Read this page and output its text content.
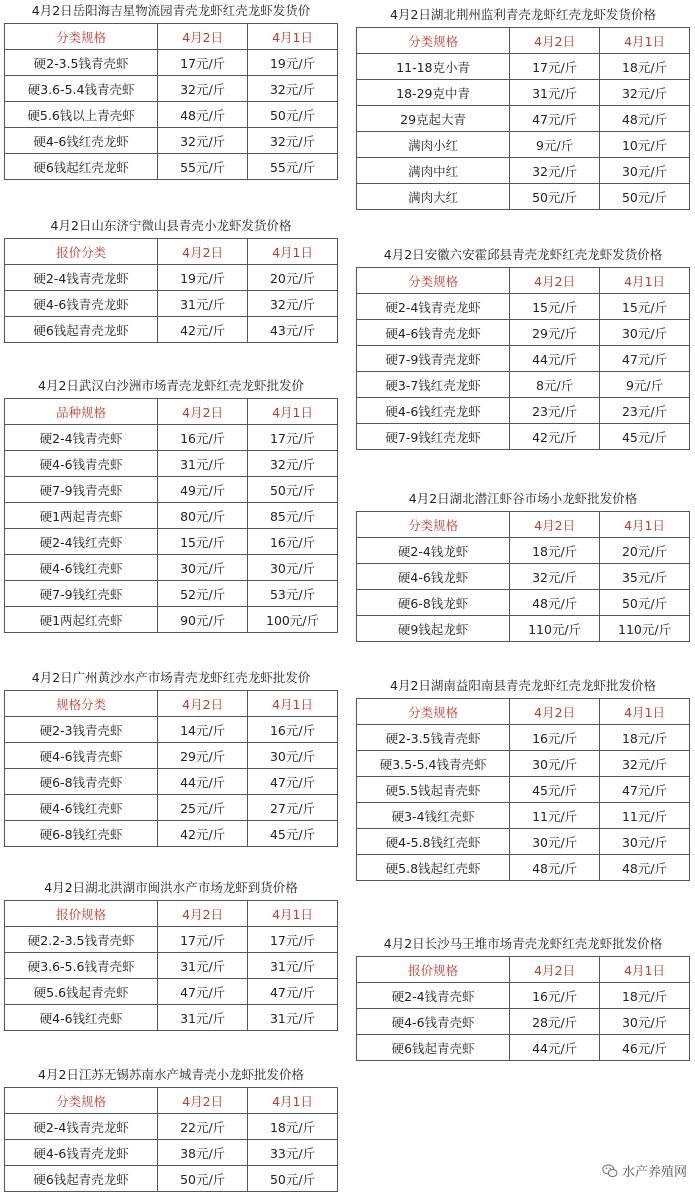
4月2日岳阳海吉星物流园青壳龙虾红壳龙虾发货价
分类规格	4月2日	4月1日
硬2-3.5钱青壳虾	17元/斤	19元/斤
硬3.6-5.4钱青壳虾	32元/斤	32元/斤
硬5.6钱以上青壳虾	48元/斤	50元/斤
硬4-6钱红壳龙虾	32元/斤	32元/斤
硬6钱起红壳龙虾	55元/斤	55元/斤
4月2日山东济宁微山县青壳小龙虾发货价格
报价分类	4月2日	4月1日
硬2-4钱青壳龙虾	19元/斤	20元/斤
硬4-6钱青壳龙虾	31元/斤	32元/斤
硬6钱起青壳龙虾	42元/斤	43元/斤
4月2日武汉白沙洲市场青壳龙虾红壳龙虾批发价
品种规格	4月2日	4月1日
硬2-4钱青壳虾	16元/斤	17元/斤
硬4-6钱青壳虾	31元/斤	32元/斤
硬7-9钱青壳虾	49元/斤	50元/斤
硬1两起青壳虾	80元/斤	85元/斤
硬2-4钱红壳虾	15元/斤	16元/斤
硬4-6钱红壳虾	30元/斤	30元/斤
硬7-9钱红壳虾	52元/斤	53元/斤
硬1两起红壳虾	90元/斤	100元/斤
4月2日广州黄沙水产市场青壳龙虾红壳龙虾批发价
规格分类	4月2日	4月1日
硬2-3钱青壳虾	14元/斤	16元/斤
硬4-6钱青壳虾	29元/斤	30元/斤
硬6-8钱青壳虾	44元/斤	47元/斤
硬4-6钱红壳虾	25元/斤	27元/斤
硬6-8钱红壳虾	42元/斤	45元/斤
4月2日湖北洪湖市闽洪水产市场龙虾到货价格
报价规格	4月2日	4月1日
硬2.2-3.5钱青壳虾	17元/斤	17元/斤
硬3.6-5.6钱青壳虾	31元/斤	31元/斤
硬5.6钱起青壳虾	47元/斤	47元/斤
硬4-6钱红壳虾	31元/斤	31元/斤
4月2日江苏无锡苏南水产城青壳小龙虾批发价格
分类规格	4月2日	4月1日
硬2-4钱青壳龙虾	22元/斤	18元/斤
硬4-6钱青壳龙虾	38元/斤	33元/斤
硬6钱起青壳龙虾	50元/斤	50元/斤
4月2日湖北荆州监利青壳龙虾红壳龙虾发货价格
分类规格	4月2日	4月1日
11-18克小青	17元/斤	18元/斤
18-29克中青	31元/斤	32元/斤
29克起大青	47元/斤	48元/斤
满肉小红	9元/斤	10元/斤
满肉中红	32元/斤	30元/斤
满肉大红	50元/斤	50元/斤
4月2日安徽六安霍邱县青壳龙虾红壳龙虾发货价格
分类规格	4月2日	4月1日
硬2-4钱青壳龙虾	15元/斤	15元/斤
硬4-6钱青壳龙虾	29元/斤	30元/斤
硬7-9钱青壳龙虾	44元/斤	47元/斤
硬3-7钱红壳龙虾	8元/斤	9元/斤
硬4-6钱红壳龙虾	23元/斤	23元/斤
硬7-9钱红壳龙虾	42元/斤	45元/斤
4月2日湖北潜江虾谷市场小龙虾批发价格
分类规格	4月2日	4月1日
硬2-4钱龙虾	18元/斤	20元/斤
硬4-6钱龙虾	32元/斤	35元/斤
硬6-8钱龙虾	48元/斤	50元/斤
硬9钱起龙虾	110元/斤	110元/斤
4月2日湖南益阳南县青壳龙虾红壳龙虾批发价格
分类规格	4月2日	4月1日
硬2-3.5钱青壳虾	16元/斤	18元/斤
硬3.5-5.4钱青壳虾	30元/斤	32元/斤
硬5.5钱起青壳虾	45元/斤	47元/斤
硬3-4钱红壳虾	11元/斤	11元/斤
硬4-5.8钱红壳虾	30元/斤	30元/斤
硬5.8钱起红壳虾	48元/斤	48元/斤
4月2日长沙马王堆市场青壳龙虾红壳龙虾批发价格
报价规格	4月2日	4月1日
硬2-4钱青壳虾	16元/斤	18元/斤
硬4-6钱青壳虾	28元/斤	30元/斤
硬6钱起青壳虾	44元/斤	46元/斤
水产养殖网
